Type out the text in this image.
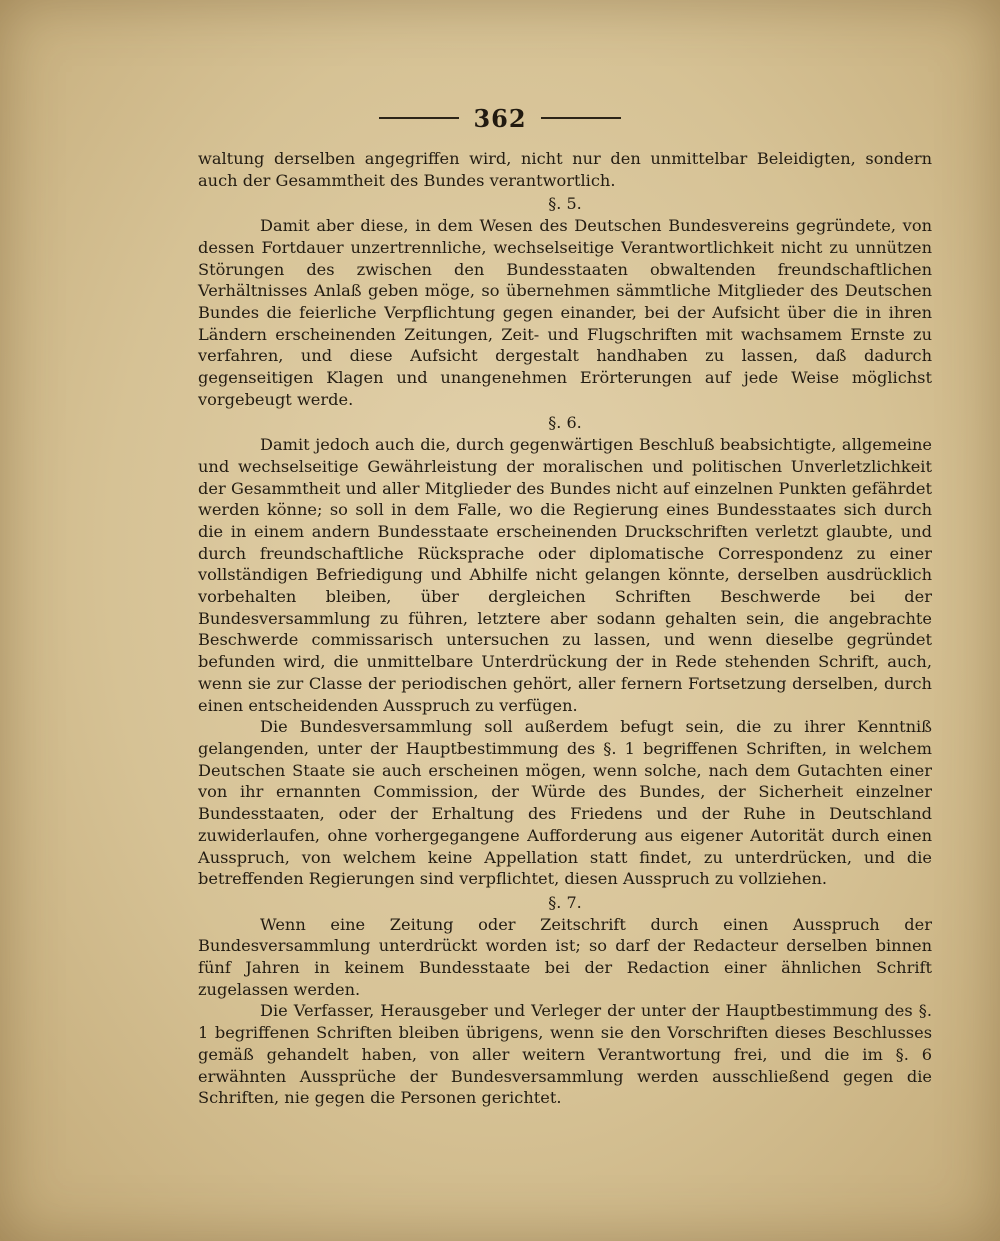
362

waltung derselben angegriffen wird, nicht nur den unmittelbar Beleidigten, sondern auch der Gesammtheit des Bundes verantwortlich.

§. 5.

Damit aber diese, in dem Wesen des Deutschen Bundesvereins gegründete, von dessen Fortdauer unzertrennliche, wechselseitige Verantwortlichkeit nicht zu unnützen Störungen des zwischen den Bundesstaaten obwaltenden freundschaftlichen Verhältnisses Anlaß geben möge, so übernehmen sämmtliche Mitglieder des Deutschen Bundes die feierliche Verpflichtung gegen einander, bei der Aufsicht über die in ihren Ländern erscheinenden Zeitungen, Zeit- und Flugschriften mit wachsamem Ernste zu verfahren, und diese Aufsicht dergestalt handhaben zu lassen, daß dadurch gegenseitigen Klagen und unangenehmen Erörterungen auf jede Weise möglichst vorgebeugt werde.

§. 6.

Damit jedoch auch die, durch gegenwärtigen Beschluß beabsichtigte, allgemeine und wechselseitige Gewährleistung der moralischen und politischen Unverletzlichkeit der Gesammtheit und aller Mitglieder des Bundes nicht auf einzelnen Punkten gefährdet werden könne; so soll in dem Falle, wo die Regierung eines Bundesstaates sich durch die in einem andern Bundesstaate erscheinenden Druckschriften verletzt glaubte, und durch freundschaftliche Rücksprache oder diplomatische Correspondenz zu einer vollständigen Befriedigung und Abhilfe nicht gelangen könnte, derselben ausdrücklich vorbehalten bleiben, über dergleichen Schriften Beschwerde bei der Bundesversammlung zu führen, letztere aber sodann gehalten sein, die angebrachte Beschwerde commissarisch untersuchen zu lassen, und wenn dieselbe gegründet befunden wird, die unmittelbare Unterdrückung der in Rede stehenden Schrift, auch, wenn sie zur Classe der periodischen gehört, aller fernern Fortsetzung derselben, durch einen entscheidenden Ausspruch zu verfügen.

Die Bundesversammlung soll außerdem befugt sein, die zu ihrer Kenntniß gelangenden, unter der Hauptbestimmung des §. 1 begriffenen Schriften, in welchem Deutschen Staate sie auch erscheinen mögen, wenn solche, nach dem Gutachten einer von ihr ernannten Commission, der Würde des Bundes, der Sicherheit einzelner Bundesstaaten, oder der Erhaltung des Friedens und der Ruhe in Deutschland zuwiderlaufen, ohne vorhergegangene Aufforderung aus eigener Autorität durch einen Ausspruch, von welchem keine Appellation statt findet, zu unterdrücken, und die betreffenden Regierungen sind verpflichtet, diesen Ausspruch zu vollziehen.

§. 7.

Wenn eine Zeitung oder Zeitschrift durch einen Ausspruch der Bundesversammlung unterdrückt worden ist; so darf der Redacteur derselben binnen fünf Jahren in keinem Bundesstaate bei der Redaction einer ähnlichen Schrift zugelassen werden.

Die Verfasser, Herausgeber und Verleger der unter der Hauptbestimmung des §. 1 begriffenen Schriften bleiben übrigens, wenn sie den Vorschriften dieses Beschlusses gemäß gehandelt haben, von aller weitern Verantwortung frei, und die im §. 6 erwähnten Aussprüche der Bundesversammlung werden ausschließend gegen die Schriften, nie gegen die Personen gerichtet.
